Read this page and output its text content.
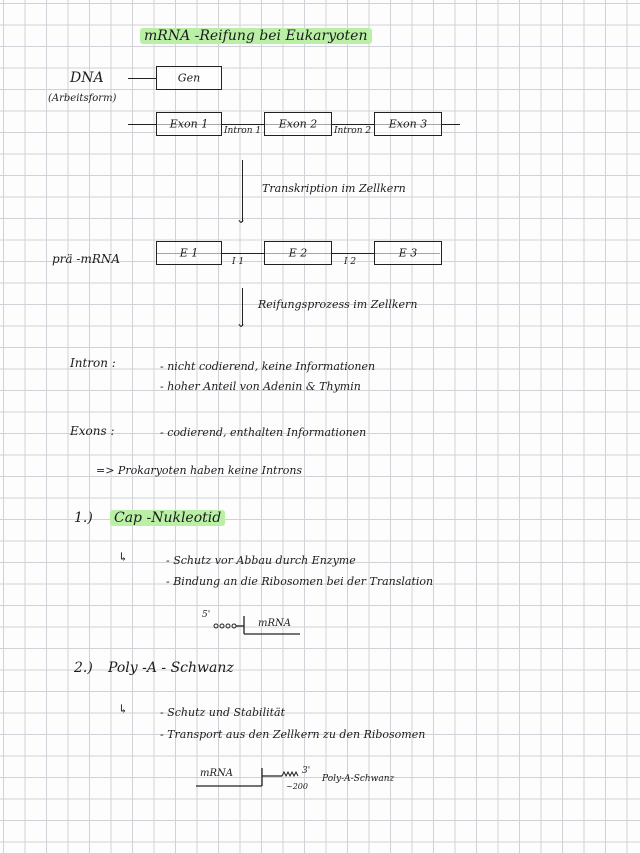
mRNA -Reifung bei Eukaryoten
DNA
(Arbeitsform)
Gen
Exon 1	Exon 2	Exon 3
Intron 1	Intron 2
⌄
Transkription im Zellkern
prä -mRNA	E 1	E 2	E 3
I 1	I 2
⌄
Reifungsprozess im Zellkern
Intron :	- nicht codierend, keine Informationen
- hoher Anteil von Adenin & Thymin
Exons :	- codierend, enthalten Informationen
=> Prokaryoten haben keine Introns
1.) Cap -Nukleotid
↳	- Schutz vor Abbau durch Enzyme
- Bindung an die Ribosomen bei der Translation
5'
mRNA
2.) Poly -A - Schwanz
↳	- Schutz und Stabilität
- Transport aus den Zellkern zu den Ribosomen
mRNA	3'
~200
Poly-A-Schwanz
